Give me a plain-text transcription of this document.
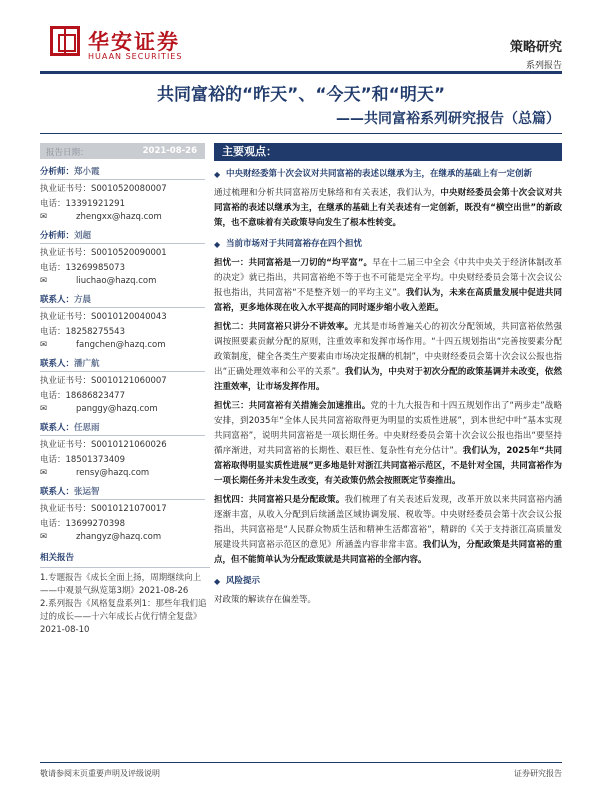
华安证券
HUAAN SECURITIES
策略研究
系列报告
共同富裕的“昨天”、“今天”和“明天”
——共同富裕系列研究报告（总篇）
报告日期：	2021-08-26
分析师：郑小霞
执业证书号：S0010520080007
电话：13391921291
✉	zhengxx@hazq.com
分析师：刘超
执业证书号：S0010520090001
电话：13269985073
✉	liuchao@hazq.com
联系人：方晨
执业证书号：S0010120040043
电话：18258275543
✉	fangchen@hazq.com
联系人：潘广航
执业证书号：S0010121060007
电话：18686823477
✉	panggy@hazq.com
联系人：任思雨
执业证书号：S0010121060026
电话：18501373409
✉	rensy@hazq.com
联系人：张运智
执业证书号：S0010121070017
电话：13699270398
✉	zhangyz@hazq.com
相关报告
1.专题报告《成长全面上扬，周期继续向上——中观景气纵览第3期》2021-08-26
2.系列报告《风格复盘系列1：那些年我们追过的成长——十六年成长占优行情全复盘》2021-08-10
主要观点：
◆ 中央财经委第十次会议对共同富裕的表述以继承为主，在继承的基础上有一定创新
通过梳理和分析共同富裕历史脉络和有关表述，我们认为，中央财经委员会第十次会议对共同富裕的表述以继承为主，在继承的基础上有关表述有一定创新，既没有“横空出世”的新政策，也不意味着有关政策导向发生了根本性转变。
◆ 当前市场对于共同富裕存在四个担忧
担忧一：共同富裕是一刀切的“均平富”。早在十二届三中全会《中共中央关于经济体制改革的决定》就已指出，共同富裕绝不等于也不可能是完全平均。中央财经委员会第十次会议公报也指出，共同富裕“不是整齐划一的平均主义”。我们认为，未来在高质量发展中促进共同富裕，更多地体现在收入水平提高的同时逐步缩小收入差距。
担忧二：共同富裕只讲分不讲效率。尤其是市场普遍关心的初次分配领域，共同富裕依然强调按照要素贡献分配的原则，注重效率和发挥市场作用。“十四五规划指出“完善按要素分配政策制度，健全各类生产要素由市场决定报酬的机制”，中央财经委员会第十次会议公报也指出“正确处理效率和公平的关系”。我们认为，中央对于初次分配的政策基调并未改变，依然注重效率，让市场发挥作用。
担忧三：共同富裕有关措施会加速推出。党的十九大报告和十四五规划作出了“两步走”战略安排，到2035年“全体人民共同富裕取得更为明显的实质性进展”，到本世纪中叶“基本实现共同富裕”，说明共同富裕是一项长期任务。中央财经委员会第十次会议公报也指出“要坚持循序渐进，对共同富裕的长期性、艰巨性、复杂性有充分估计”。我们认为，2025年“共同富裕取得明显实质性进展”更多地是针对浙江共同富裕示范区，不是针对全国，共同富裕作为一项长期任务并未发生改变，有关政策仍然会按照既定节奏推出。
担忧四：共同富裕只是分配政策。我们梳理了有关表述后发现，改革开放以来共同富裕内涵逐渐丰富，从收入分配到后续涵盖区域协调发展、税收等。中央财经委员会第十次会议公报指出，共同富裕是“人民群众物质生活和精神生活都富裕”，精辟的《关于支持浙江高质量发展建设共同富裕示范区的意见》所涵盖内容非常丰富。我们认为，分配政策是共同富裕的重点，但不能简单认为分配政策就是共同富裕的全部内容。
◆ 风险提示
对政策的解读存在偏差等。
敬请参阅末页重要声明及评级说明	证券研究报告
